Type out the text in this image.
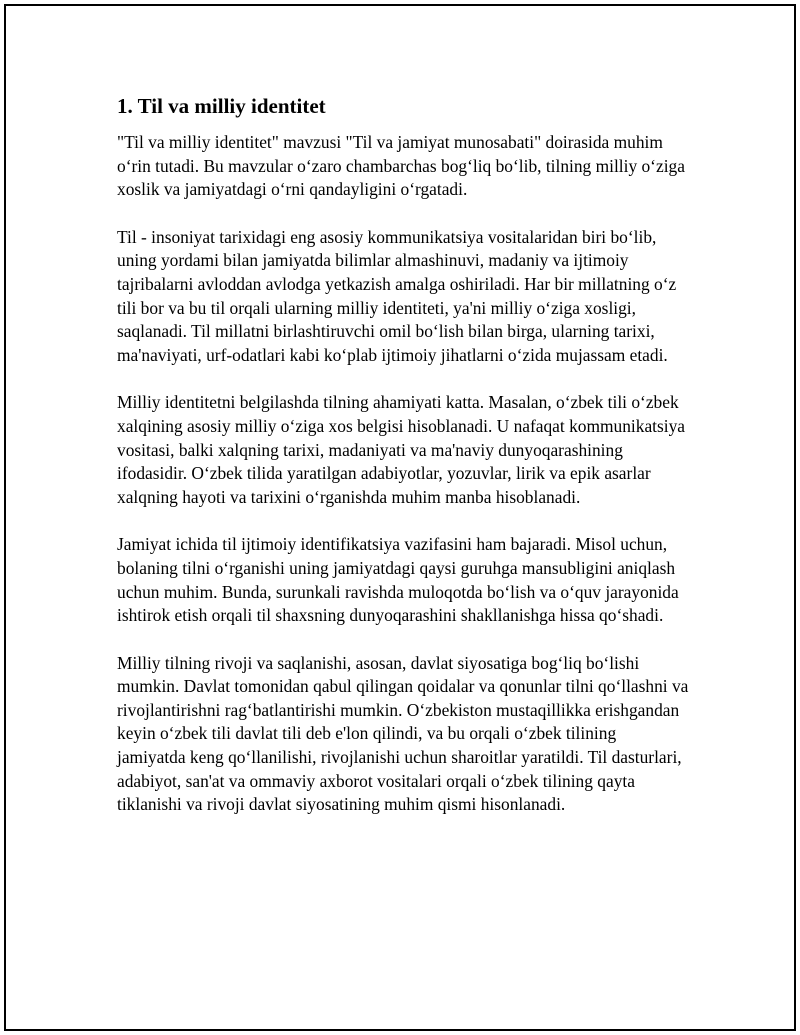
1. Til va milliy identitet

"Til va milliy identitet" mavzusi "Til va jamiyat munosabati" doirasida muhim o‘rin tutadi. Bu mavzular o‘zaro chambarchas bog‘liq bo‘lib, tilning milliy o‘ziga xoslik va jamiyatdagi o‘rni qandayligini o‘rgatadi.

Til - insoniyat tarixidagi eng asosiy kommunikatsiya vositalaridan biri bo‘lib, uning yordami bilan jamiyatda bilimlar almashinuvi, madaniy va ijtimoiy tajribalarni avloddan avlodga yetkazish amalga oshiriladi. Har bir millatning o‘z tili bor va bu til orqali ularning milliy identiteti, ya'ni milliy o‘ziga xosligi, saqlanadi. Til millatni birlashtiruvchi omil bo‘lish bilan birga, ularning tarixi, ma'naviyati, urf-odatlari kabi ko‘plab ijtimoiy jihatlarni o‘zida mujassam etadi.

Milliy identitetni belgilashda tilning ahamiyati katta. Masalan, o‘zbek tili o‘zbek xalqining asosiy milliy o‘ziga xos belgisi hisoblanadi. U nafaqat kommunikatsiya vositasi, balki xalqning tarixi, madaniyati va ma'naviy dunyoqarashining ifodasidir. O‘zbek tilida yaratilgan adabiyotlar, yozuvlar, lirik va epik asarlar xalqning hayoti va tarixini o‘rganishda muhim manba hisoblanadi.

Jamiyat ichida til ijtimoiy identifikatsiya vazifasini ham bajaradi. Misol uchun, bolaning tilni o‘rganishi uning jamiyatdagi qaysi guruhga mansubligini aniqlash uchun muhim. Bunda, surunkali ravishda muloqotda bo‘lish va o‘quv jarayonida ishtirok etish orqali til shaxsning dunyoqarashini shakllanishga hissa qo‘shadi.

Milliy tilning rivoji va saqlanishi, asosan, davlat siyosatiga bog‘liq bo‘lishi mumkin. Davlat tomonidan qabul qilingan qoidalar va qonunlar tilni qo‘llashni va rivojlantirishni rag‘batlantirishi mumkin. O‘zbekiston mustaqillikka erishgandan keyin o‘zbek tili davlat tili deb e'lon qilindi, va bu orqali o‘zbek tilining jamiyatda keng qo‘llanilishi, rivojlanishi uchun sharoitlar yaratildi. Til dasturlari, adabiyot, san'at va ommaviy axborot vositalari orqali o‘zbek tilining qayta tiklanishi va rivoji davlat siyosatining muhim qismi hisonlanadi.
